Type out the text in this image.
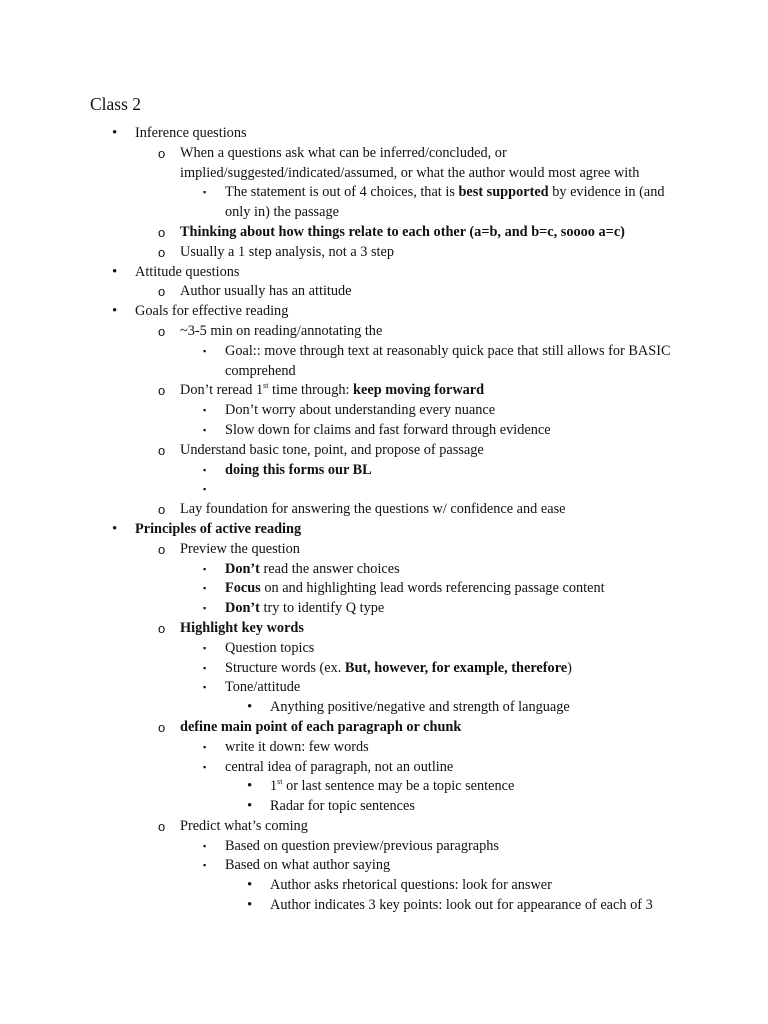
Class 2
• Inference questions
o When a questions ask what can be inferred/concluded, or implied/suggested/indicated/assumed, or what the author would most agree with
▪ The statement is out of 4 choices, that is best supported by evidence in (and only in) the passage
o Thinking about how things relate to each other (a=b, and b=c, soooo a=c)
o Usually a 1 step analysis, not a 3 step
• Attitude questions
o Author usually has an attitude
• Goals for effective reading
o ~3-5 min on reading/annotating the
▪ Goal:: move through text at reasonably quick pace that still allows for BASIC comprehend
o Don’t reread 1st time through: keep moving forward
▪ Don’t worry about understanding every nuance
▪ Slow down for claims and fast forward through evidence
o Understand basic tone, point, and propose of passage
▪ doing this forms our BL
▪

o Lay foundation for answering the questions w/ confidence and ease
• Principles of active reading
o Preview the question
▪ Don’t read the answer choices
▪ Focus on and highlighting lead words referencing passage content
▪ Don’t try to identify Q type
o Highlight key words
▪ Question topics
▪ Structure words (ex. But, however, for example, therefore)
▪ Tone/attitude
• Anything positive/negative and strength of language
o define main point of each paragraph or chunk
▪ write it down: few words
▪ central idea of paragraph, not an outline
• 1st or last sentence may be a topic sentence
• Radar for topic sentences
o Predict what’s coming
▪ Based on question preview/previous paragraphs
▪ Based on what author saying
• Author asks rhetorical questions: look for answer
• Author indicates 3 key points: look out for appearance of each of 3
